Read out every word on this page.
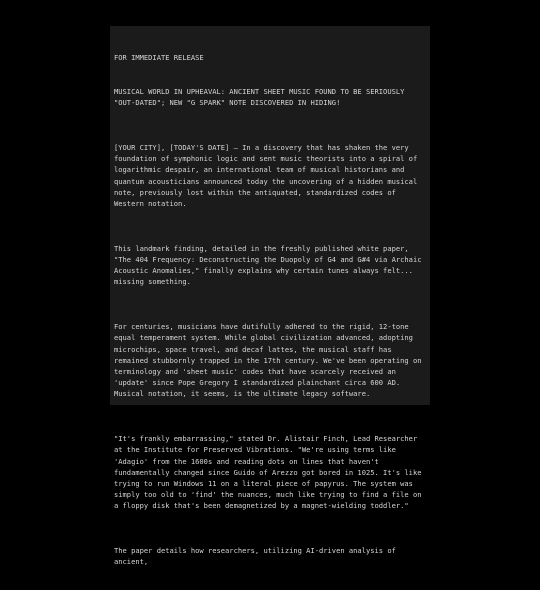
FOR IMMEDIATE RELEASE

MUSICAL WORLD IN UPHEAVAL: ANCIENT SHEET MUSIC FOUND TO BE SERIOUSLY "OUT-DATED"; NEW "G SPARK" NOTE DISCOVERED IN HIDING!

[YOUR CITY], [TODAY'S DATE] – In a discovery that has shaken the very foundation of symphonic logic and sent music theorists into a spiral of logarithmic despair, an international team of musical historians and quantum acousticians announced today the uncovering of a hidden musical note, previously lost within the antiquated, standardized codes of Western notation.

This landmark finding, detailed in the freshly published white paper, "The 404 Frequency: Deconstructing the Duopoly of G4 and G#4 via Archaic Acoustic Anomalies," finally explains why certain tunes always felt... missing something.

For centuries, musicians have dutifully adhered to the rigid, 12-tone equal temperament system. While global civilization advanced, adopting microchips, space travel, and decaf lattes, the musical staff has remained stubbornly trapped in the 17th century. We've been operating on terminology and 'sheet music' codes that have scarcely received an 'update' since Pope Gregory I standardized plainchant circa 600 AD. Musical notation, it seems, is the ultimate legacy software.

"It's frankly embarrassing," stated Dr. Alistair Finch, Lead Researcher at the Institute for Preserved Vibrations. "We're using terms like 'Adagio' from the 1600s and reading dots on lines that haven't fundamentally changed since Guido of Arezzo got bored in 1025. It's like trying to run Windows 11 on a literal piece of papyrus. The system was simply too old to 'find' the nuances, much like trying to find a file on a floppy disk that's been demagnetized by a magnet-wielding toddler."

The paper details how researchers, utilizing AI-driven analysis of ancient,
